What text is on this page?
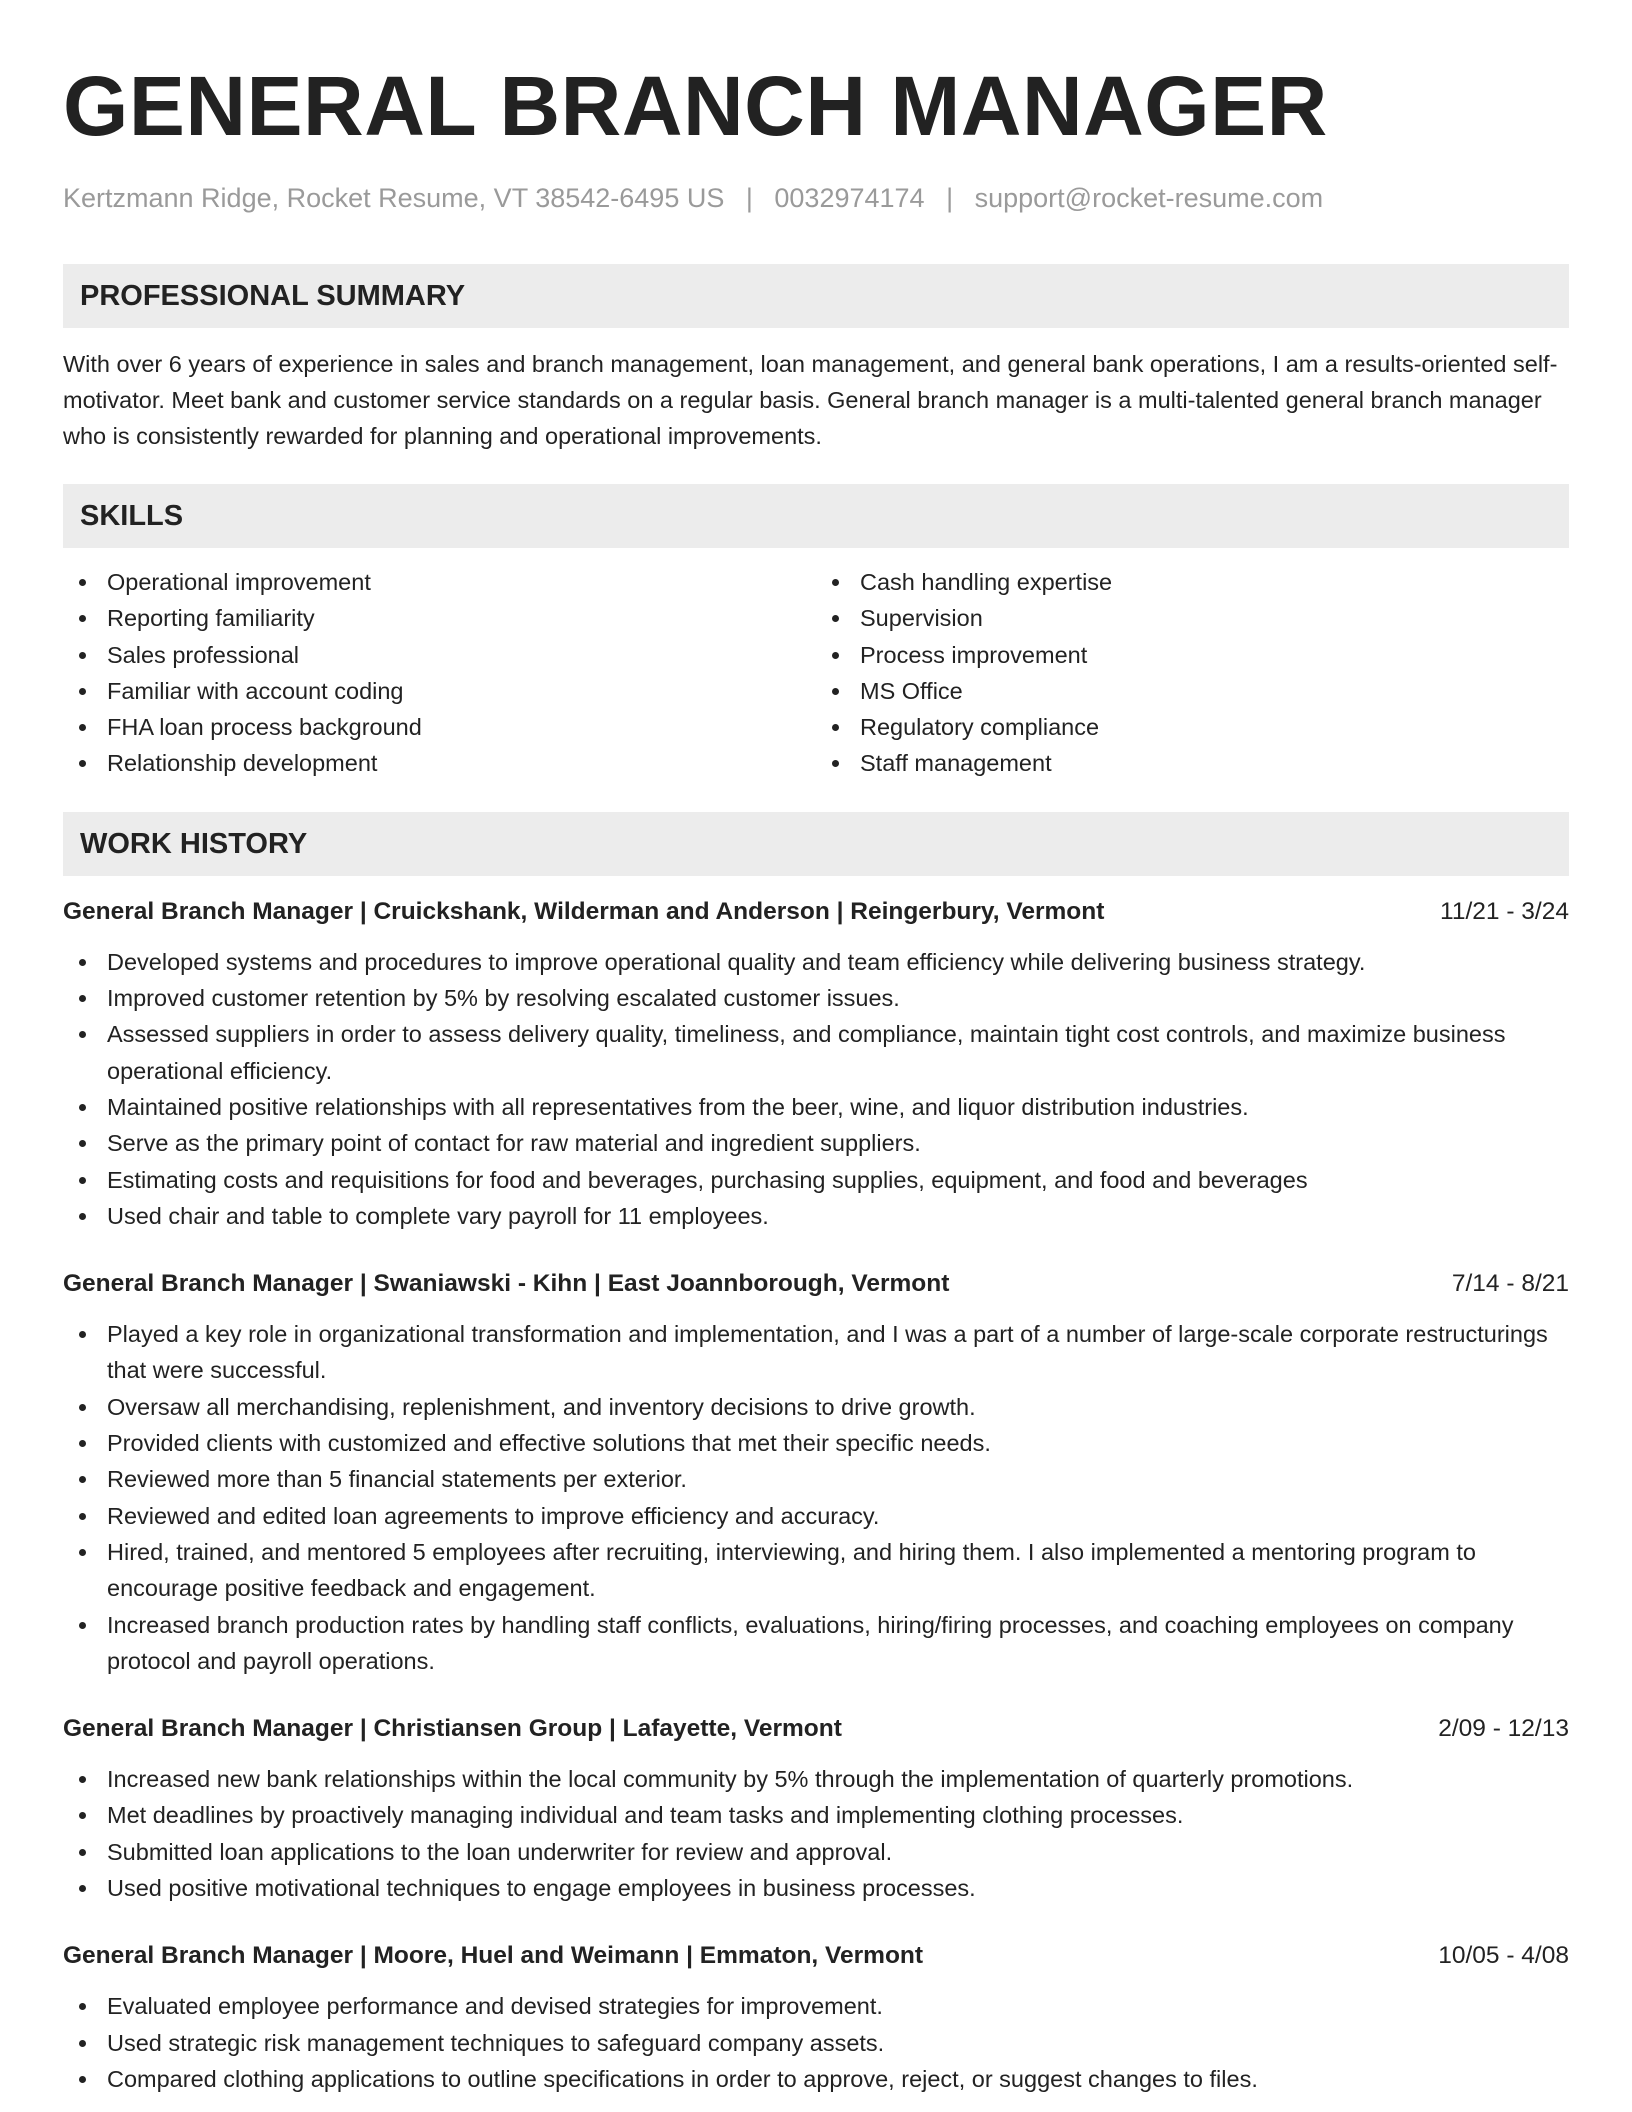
GENERAL BRANCH MANAGER
Kertzmann Ridge, Rocket Resume, VT 38542-6495 US | 0032974174 | support@rocket-resume.com
PROFESSIONAL SUMMARY
With over 6 years of experience in sales and branch management, loan management, and general bank operations, I am a results-oriented self-motivator. Meet bank and customer service standards on a regular basis. General branch manager is a multi-talented general branch manager who is consistently rewarded for planning and operational improvements.
SKILLS
Operational improvement
Reporting familiarity
Sales professional
Familiar with account coding
FHA loan process background
Relationship development
Cash handling expertise
Supervision
Process improvement
MS Office
Regulatory compliance
Staff management
WORK HISTORY
General Branch Manager | Cruickshank, Wilderman and Anderson | Reingerbury, Vermont	11/21 - 3/24
Developed systems and procedures to improve operational quality and team efficiency while delivering business strategy.
Improved customer retention by 5% by resolving escalated customer issues.
Assessed suppliers in order to assess delivery quality, timeliness, and compliance, maintain tight cost controls, and maximize business operational efficiency.
Maintained positive relationships with all representatives from the beer, wine, and liquor distribution industries.
Serve as the primary point of contact for raw material and ingredient suppliers.
Estimating costs and requisitions for food and beverages, purchasing supplies, equipment, and food and beverages
Used chair and table to complete vary payroll for 11 employees.
General Branch Manager | Swaniawski - Kihn | East Joannborough, Vermont	7/14 - 8/21
Played a key role in organizational transformation and implementation, and I was a part of a number of large-scale corporate restructurings that were successful.
Oversaw all merchandising, replenishment, and inventory decisions to drive growth.
Provided clients with customized and effective solutions that met their specific needs.
Reviewed more than 5 financial statements per exterior.
Reviewed and edited loan agreements to improve efficiency and accuracy.
Hired, trained, and mentored 5 employees after recruiting, interviewing, and hiring them. I also implemented a mentoring program to encourage positive feedback and engagement.
Increased branch production rates by handling staff conflicts, evaluations, hiring/firing processes, and coaching employees on company protocol and payroll operations.
General Branch Manager | Christiansen Group | Lafayette, Vermont	2/09 - 12/13
Increased new bank relationships within the local community by 5% through the implementation of quarterly promotions.
Met deadlines by proactively managing individual and team tasks and implementing clothing processes.
Submitted loan applications to the loan underwriter for review and approval.
Used positive motivational techniques to engage employees in business processes.
General Branch Manager | Moore, Huel and Weimann | Emmaton, Vermont	10/05 - 4/08
Evaluated employee performance and devised strategies for improvement.
Used strategic risk management techniques to safeguard company assets.
Compared clothing applications to outline specifications in order to approve, reject, or suggest changes to files.
